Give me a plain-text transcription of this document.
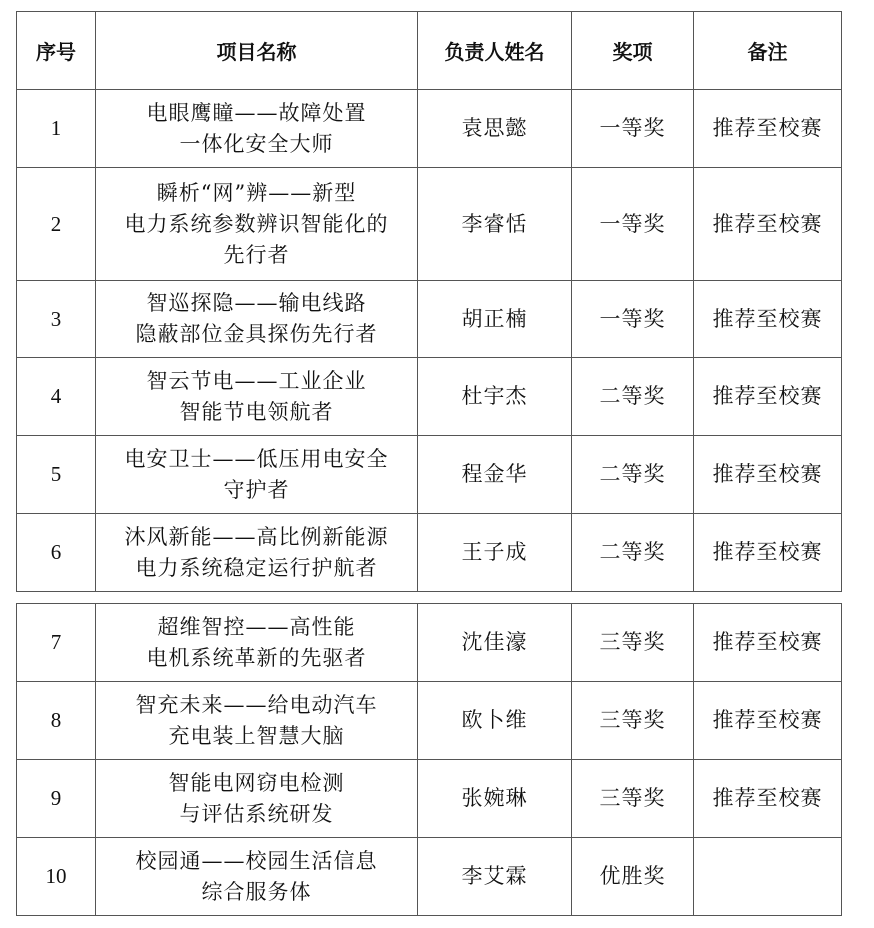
序号	项目名称	负责人姓名	奖项	备注
1	电眼鹰瞳——故障处置
一体化安全大师	袁思懿	一等奖	推荐至校赛
2	瞬析“网”辨——新型
电力系统参数辨识智能化的
先行者	李睿恬	一等奖	推荐至校赛
3	智巡探隐——输电线路
隐蔽部位金具探伤先行者	胡正楠	一等奖	推荐至校赛
4	智云节电——工业企业
智能节电领航者	杜宇杰	二等奖	推荐至校赛
5	电安卫士——低压用电安全
守护者	程金华	二等奖	推荐至校赛
6	沐风新能——高比例新能源
电力系统稳定运行护航者	王子成	二等奖	推荐至校赛
7	超维智控——高性能
电机系统革新的先驱者	沈佳濠	三等奖	推荐至校赛
8	智充未来——给电动汽车
充电装上智慧大脑	欧卜维	三等奖	推荐至校赛
9	智能电网窃电检测
与评估系统研发	张婉琳	三等奖	推荐至校赛
10	校园通——校园生活信息
综合服务体	李艾霖	优胜奖	
